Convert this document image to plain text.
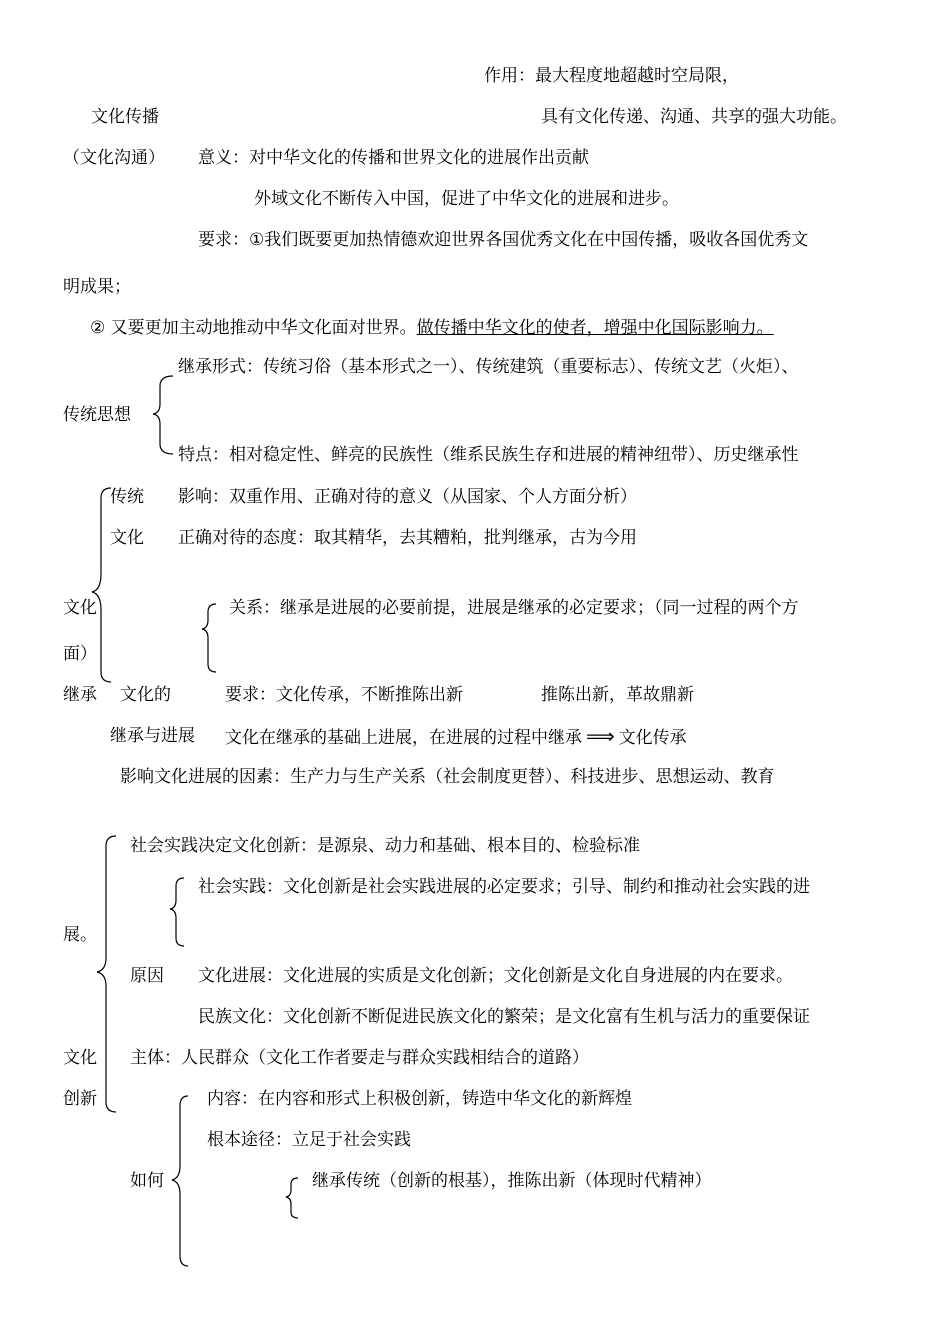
作用：最大程度地超越时空局限，
文化传播	具有文化传递、沟通、共享的强大功能。
（文化沟通） 意义：对中华文化的传播和世界文化的进展作出贡献
外域文化不断传入中国，促进了中华文化的进展和进步。
要求：①我们既要更加热情德欢迎世界各国优秀文化在中国传播，吸收各国优秀文
明成果；
② 又要更加主动地推动中华文化面对世界。做传播中华文化的使者，增强中化国际影响力。
继承形式：传统习俗（基本形式之一）、传统建筑（重要标志）、传统文艺（火炬）、
传统思想
特点：相对稳定性、鲜亮的民族性（维系民族生存和进展的精神纽带）、历史继承性
传统 影响：双重作用、正确对待的意义（从国家、个人方面分析）
文化 正确对待的态度：取其精华，去其糟粕，批判继承，古为今用
文化	关系：继承是进展的必要前提，进展是继承的必定要求；（同一过程的两个方
面）
继承 文化的	要求：文化传承，不断推陈出新	推陈出新，革故鼎新
继承与进展 文化在继承的基础上进展，在进展的过程中继承 ⟹ 文化传承
影响文化进展的因素：生产力与生产关系（社会制度更替）、科技进步、思想运动、教育
社会实践决定文化创新：是源泉、动力和基础、根本目的、检验标准
社会实践：文化创新是社会实践进展的必定要求；引导、制约和推动社会实践的进
展。
原因 文化进展：文化进展的实质是文化创新；文化创新是文化自身进展的内在要求。
民族文化：文化创新不断促进民族文化的繁荣；是文化富有生机与活力的重要保证
文化 主体：人民群众（文化工作者要走与群众实践相结合的道路）
创新	内容：在内容和形式上积极创新，铸造中华文化的新辉煌
根本途径：立足于社会实践
如何	继承传统（创新的根基），推陈出新（体现时代精神）
